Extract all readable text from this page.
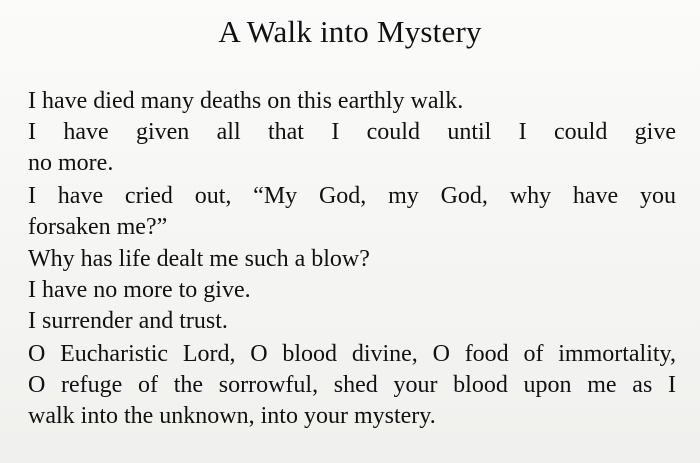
A Walk into Mystery
I have died many deaths on this earthly walk.
I have given all that I could until I could give
no more.
I have cried out, “My God, my God, why have you
forsaken me?”
Why has life dealt me such a blow?
I have no more to give.
I surrender and trust.
O Eucharistic Lord, O blood divine, O food of immortality,
O refuge of the sorrowful, shed your blood upon me as I
walk into the unknown, into your mystery.
